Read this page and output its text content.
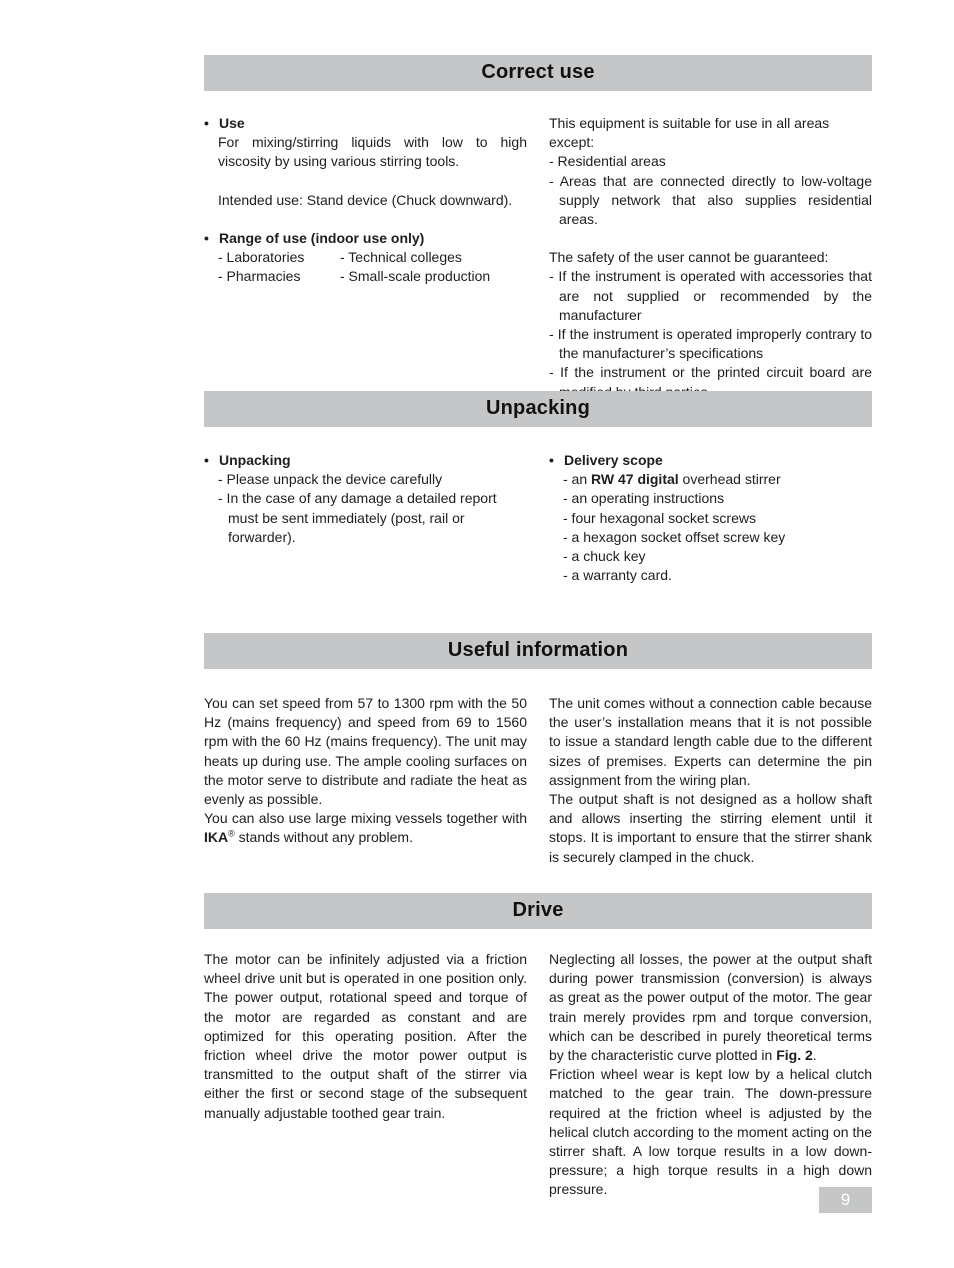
Correct use

• Use

For mixing/stirring liquids with low to high viscosity by using various stirring tools.

Intended use: Stand device (Chuck downward).

• Range of use (indoor use only)

- Laboratories	- Technical colleges
- Pharmacies	- Small-scale production

This equipment is suitable for use in all areas except:

- Residential areas

- Areas that are connected directly to low-voltage supply network that also supplies residential areas.

The safety of the user cannot be guaranteed:

- If the instrument is operated with accessories that are not supplied or recommended by the manufacturer

- If the instrument is operated improperly contrary to the manufacturer’s specifications

- If the instrument or the printed circuit board are

Unpacking

• Unpacking

- Please unpack the device carefully

- In the case of any damage a detailed report must be sent immediately (post, rail or forwarder).

• Delivery scope

- an RW 47 digital overhead stirrer

- an operating instructions

- four hexagonal socket screws

- a hexagon socket offset screw key

- a chuck key

- a warranty card.

Useful information

You can set speed from 57 to 1300 rpm with the 50 Hz (mains frequency) and speed from 69 to 1560 rpm with the 60 Hz (mains frequency). The unit may heats up during use. The ample cooling surfaces on the motor serve to distribute and radiate the heat as evenly as possible.

You can also use large mixing vessels together with IKA® stands without any problem.

The unit comes without a connection cable because the user’s installation means that it is not possible to issue a standard length cable due to the different sizes of premises. Experts can determine the pin assignment from the wiring plan.

The output shaft is not designed as a hollow shaft and allows inserting the stirring element until it stops. It is important to ensure that the stirrer shank is securely clamped in the chuck.

Drive

The motor can be infinitely adjusted via a friction wheel drive unit but is operated in one position only. The power output, rotational speed and torque of the motor are regarded as constant and are optimized for this operating position. After the friction wheel drive the motor power output is transmitted to the output shaft of the stirrer via either the first or second stage of the subsequent manually adjustable toothed gear train.

Neglecting all losses, the power at the output shaft during power transmission (conversion) is always as great as the power output of the motor. The gear train merely provides rpm and torque conversion, which can be described in purely theoretical terms by the characteristic curve plotted in Fig. 2.

Friction wheel wear is kept low by a helical clutch matched to the gear train. The down-pressure required at the friction wheel is adjusted by the helical clutch according to the moment acting on the stirrer shaft. A low torque results in a low down-pressure; a high torque results in a high down pressure.

9
